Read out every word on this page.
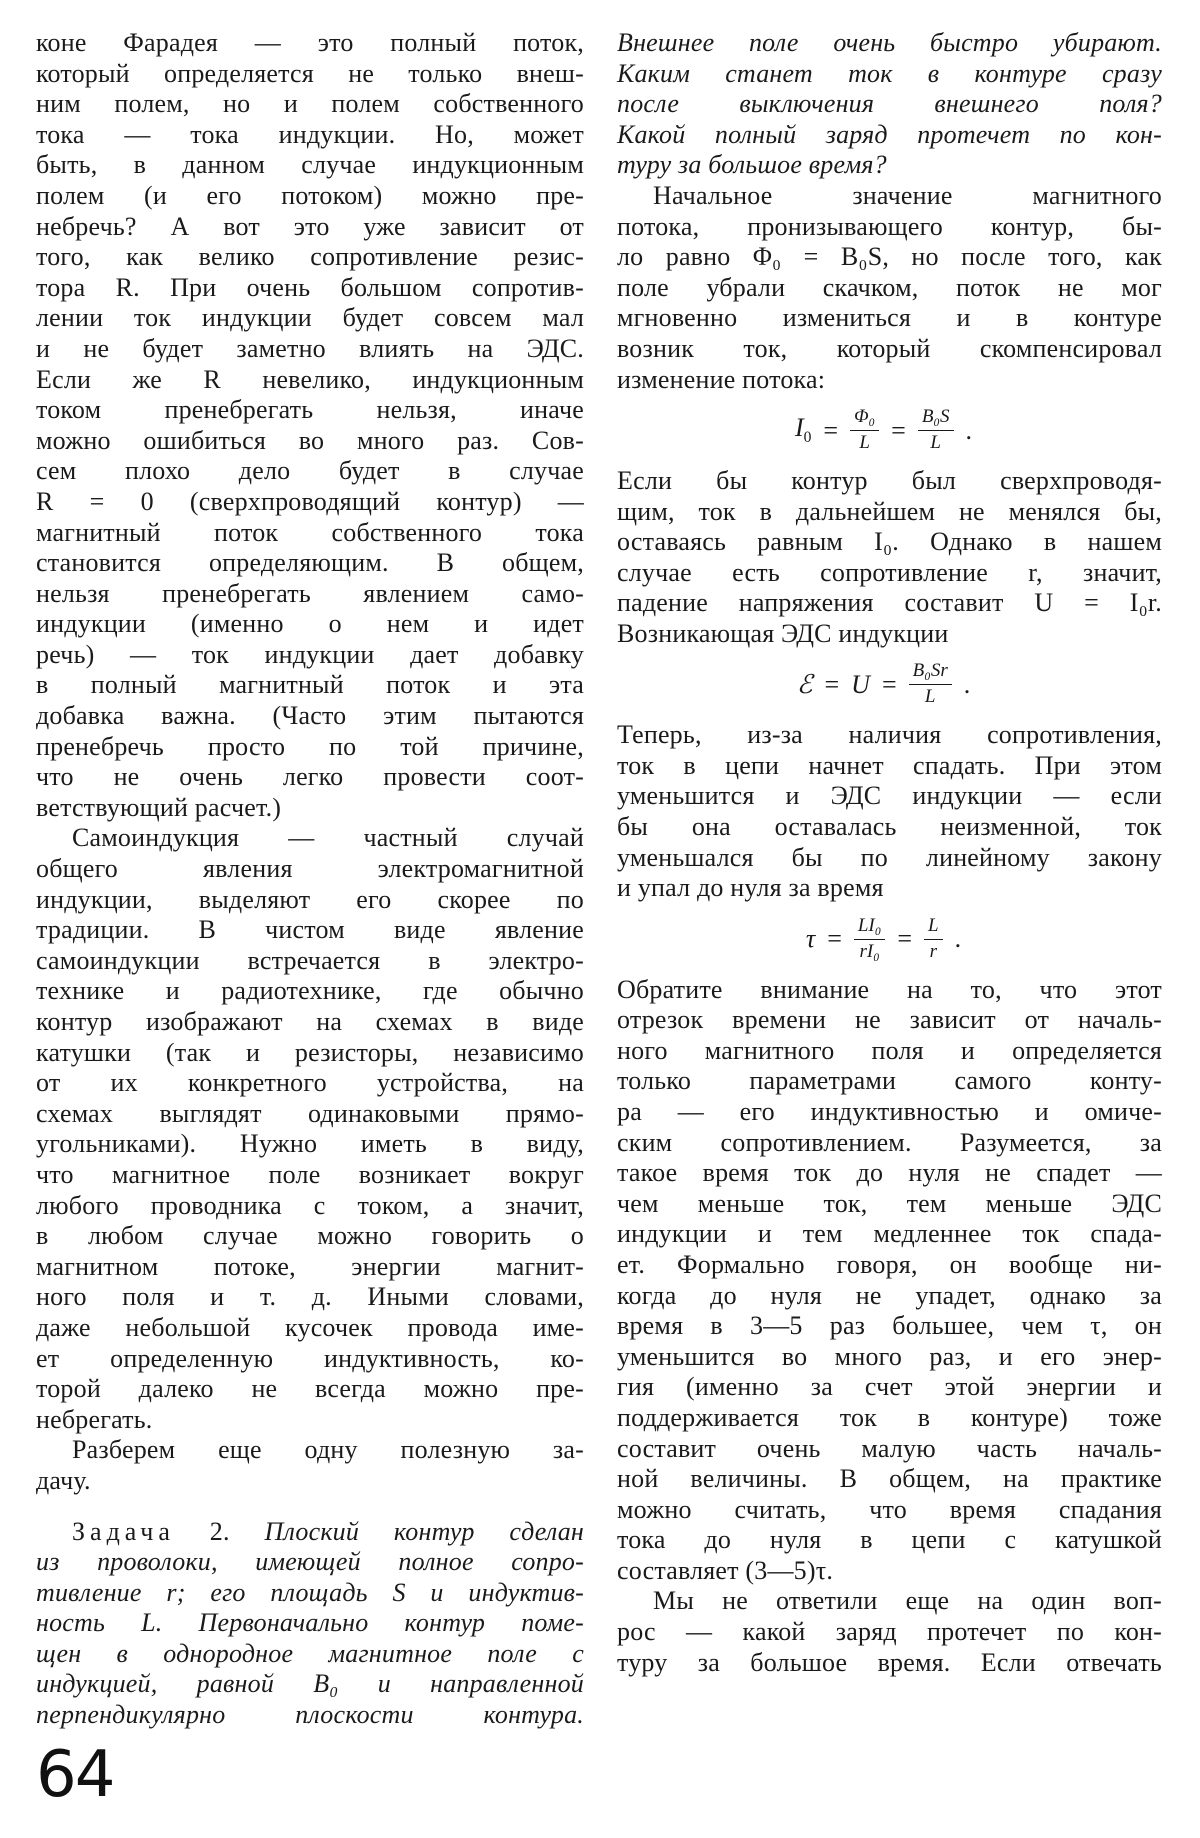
коне Фарадея — это полный поток,
который определяется не только внеш-
ним полем, но и полем собственного
тока — тока индукции. Но, может
быть, в данном случае индукционным
полем (и его потоком) можно пре-
небречь? А вот это уже зависит от
того, как велико сопротивление резис-
тора R. При очень большом сопротив-
лении ток индукции будет совсем мал
и не будет заметно влиять на ЭДС.
Если же R невелико, индукционным
током пренебрегать нельзя, иначе
можно ошибиться во много раз. Сов-
сем плохо дело будет в случае
R = 0 (сверхпроводящий контур) —
магнитный поток собственного тока
становится определяющим. В общем,
нельзя пренебрегать явлением само-
индукции (именно о нем и идет
речь) — ток индукции дает добавку
в полный магнитный поток и эта
добавка важна. (Часто этим пытаются
пренебречь просто по той причине,
что не очень легко провести соот-
ветствующий расчет.)
Самоиндукция — частный случай
общего явления электромагнитной
индукции, выделяют его скорее по
традиции. В чистом виде явление
самоиндукции встречается в электро-
технике и радиотехнике, где обычно
контур изображают на схемах в виде
катушки (так и резисторы, независимо
от их конкретного устройства, на
схемах выглядят одинаковыми прямо-
угольниками). Нужно иметь в виду,
что магнитное поле возникает вокруг
любого проводника с током, а значит,
в любом случае можно говорить о
магнитном потоке, энергии магнит-
ного поля и т. д. Иными словами,
даже небольшой кусочек провода име-
ет определенную индуктивность, ко-
торой далеко не всегда можно пре-
небрегать.
Разберем еще одну полезную за-
дачу.
Задача 2. Плоский контур сделан
из проволоки, имеющей полное сопро-
тивление r; его площадь S и индуктив-
ность L. Первоначально контур поме-
щен в однородное магнитное поле с
индукцией, равной B₀ и направленной
перпендикулярно плоскости контура.
Внешнее поле очень быстро убирают.
Каким станет ток в контуре сразу
после выключения внешнего поля?
Какой полный заряд протечет по кон-
туру за большое время?
Начальное значение магнитного
потока, пронизывающего контур, бы-
ло равно Φ₀ = B₀S, но после того, как
поле убрали скачком, поток не мог
мгновенно измениться и в контуре
возник ток, который скомпенсировал
изменение потока:
$I_0 = \frac{\text{Φ₀}}{L} = \frac{\text{B₀S}}{L}$ .
Если бы контур был сверхпроводя-
щим, ток в дальнейшем не менялся бы,
оставаясь равным I₀. Однако в нашем
случае есть сопротивление r, значит,
падение напряжения составит U = I₀r.
Возникающая ЭДС индукции
ℰ = $U = \frac{\text{B₀Sr}}{L}$ .
Теперь, из-за наличия сопротивления,
ток в цепи начнет спадать. При этом
уменьшится и ЭДС индукции — если
бы она оставалась неизменной, ток
уменьшался бы по линейному закону
и упал до нуля за время
$\tau = \frac{\text{LI₀}}{\text{rI₀}} = \frac{L}{r}$ .
Обратите внимание на то, что этот
отрезок времени не зависит от началь-
ного магнитного поля и определяется
только параметрами самого конту-
ра — его индуктивностью и омиче-
ским сопротивлением. Разумеется, за
такое время ток до нуля не спадет —
чем меньше ток, тем меньше ЭДС
индукции и тем медленнее ток спада-
ет. Формально говоря, он вообще ни-
когда до нуля не упадет, однако за
время в 3—5 раз большее, чем τ, он
уменьшится во много раз, и его энер-
гия (именно за счет этой энергии и
поддерживается ток в контуре) тоже
составит очень малую часть началь-
ной величины. В общем, на практике
можно считать, что время спадания
тока до нуля в цепи с катушкой
составляет (3—5)τ.
Мы не ответили еще на один воп-
рос — какой заряд протечет по кон-
туру за большое время. Если отвечать
64
